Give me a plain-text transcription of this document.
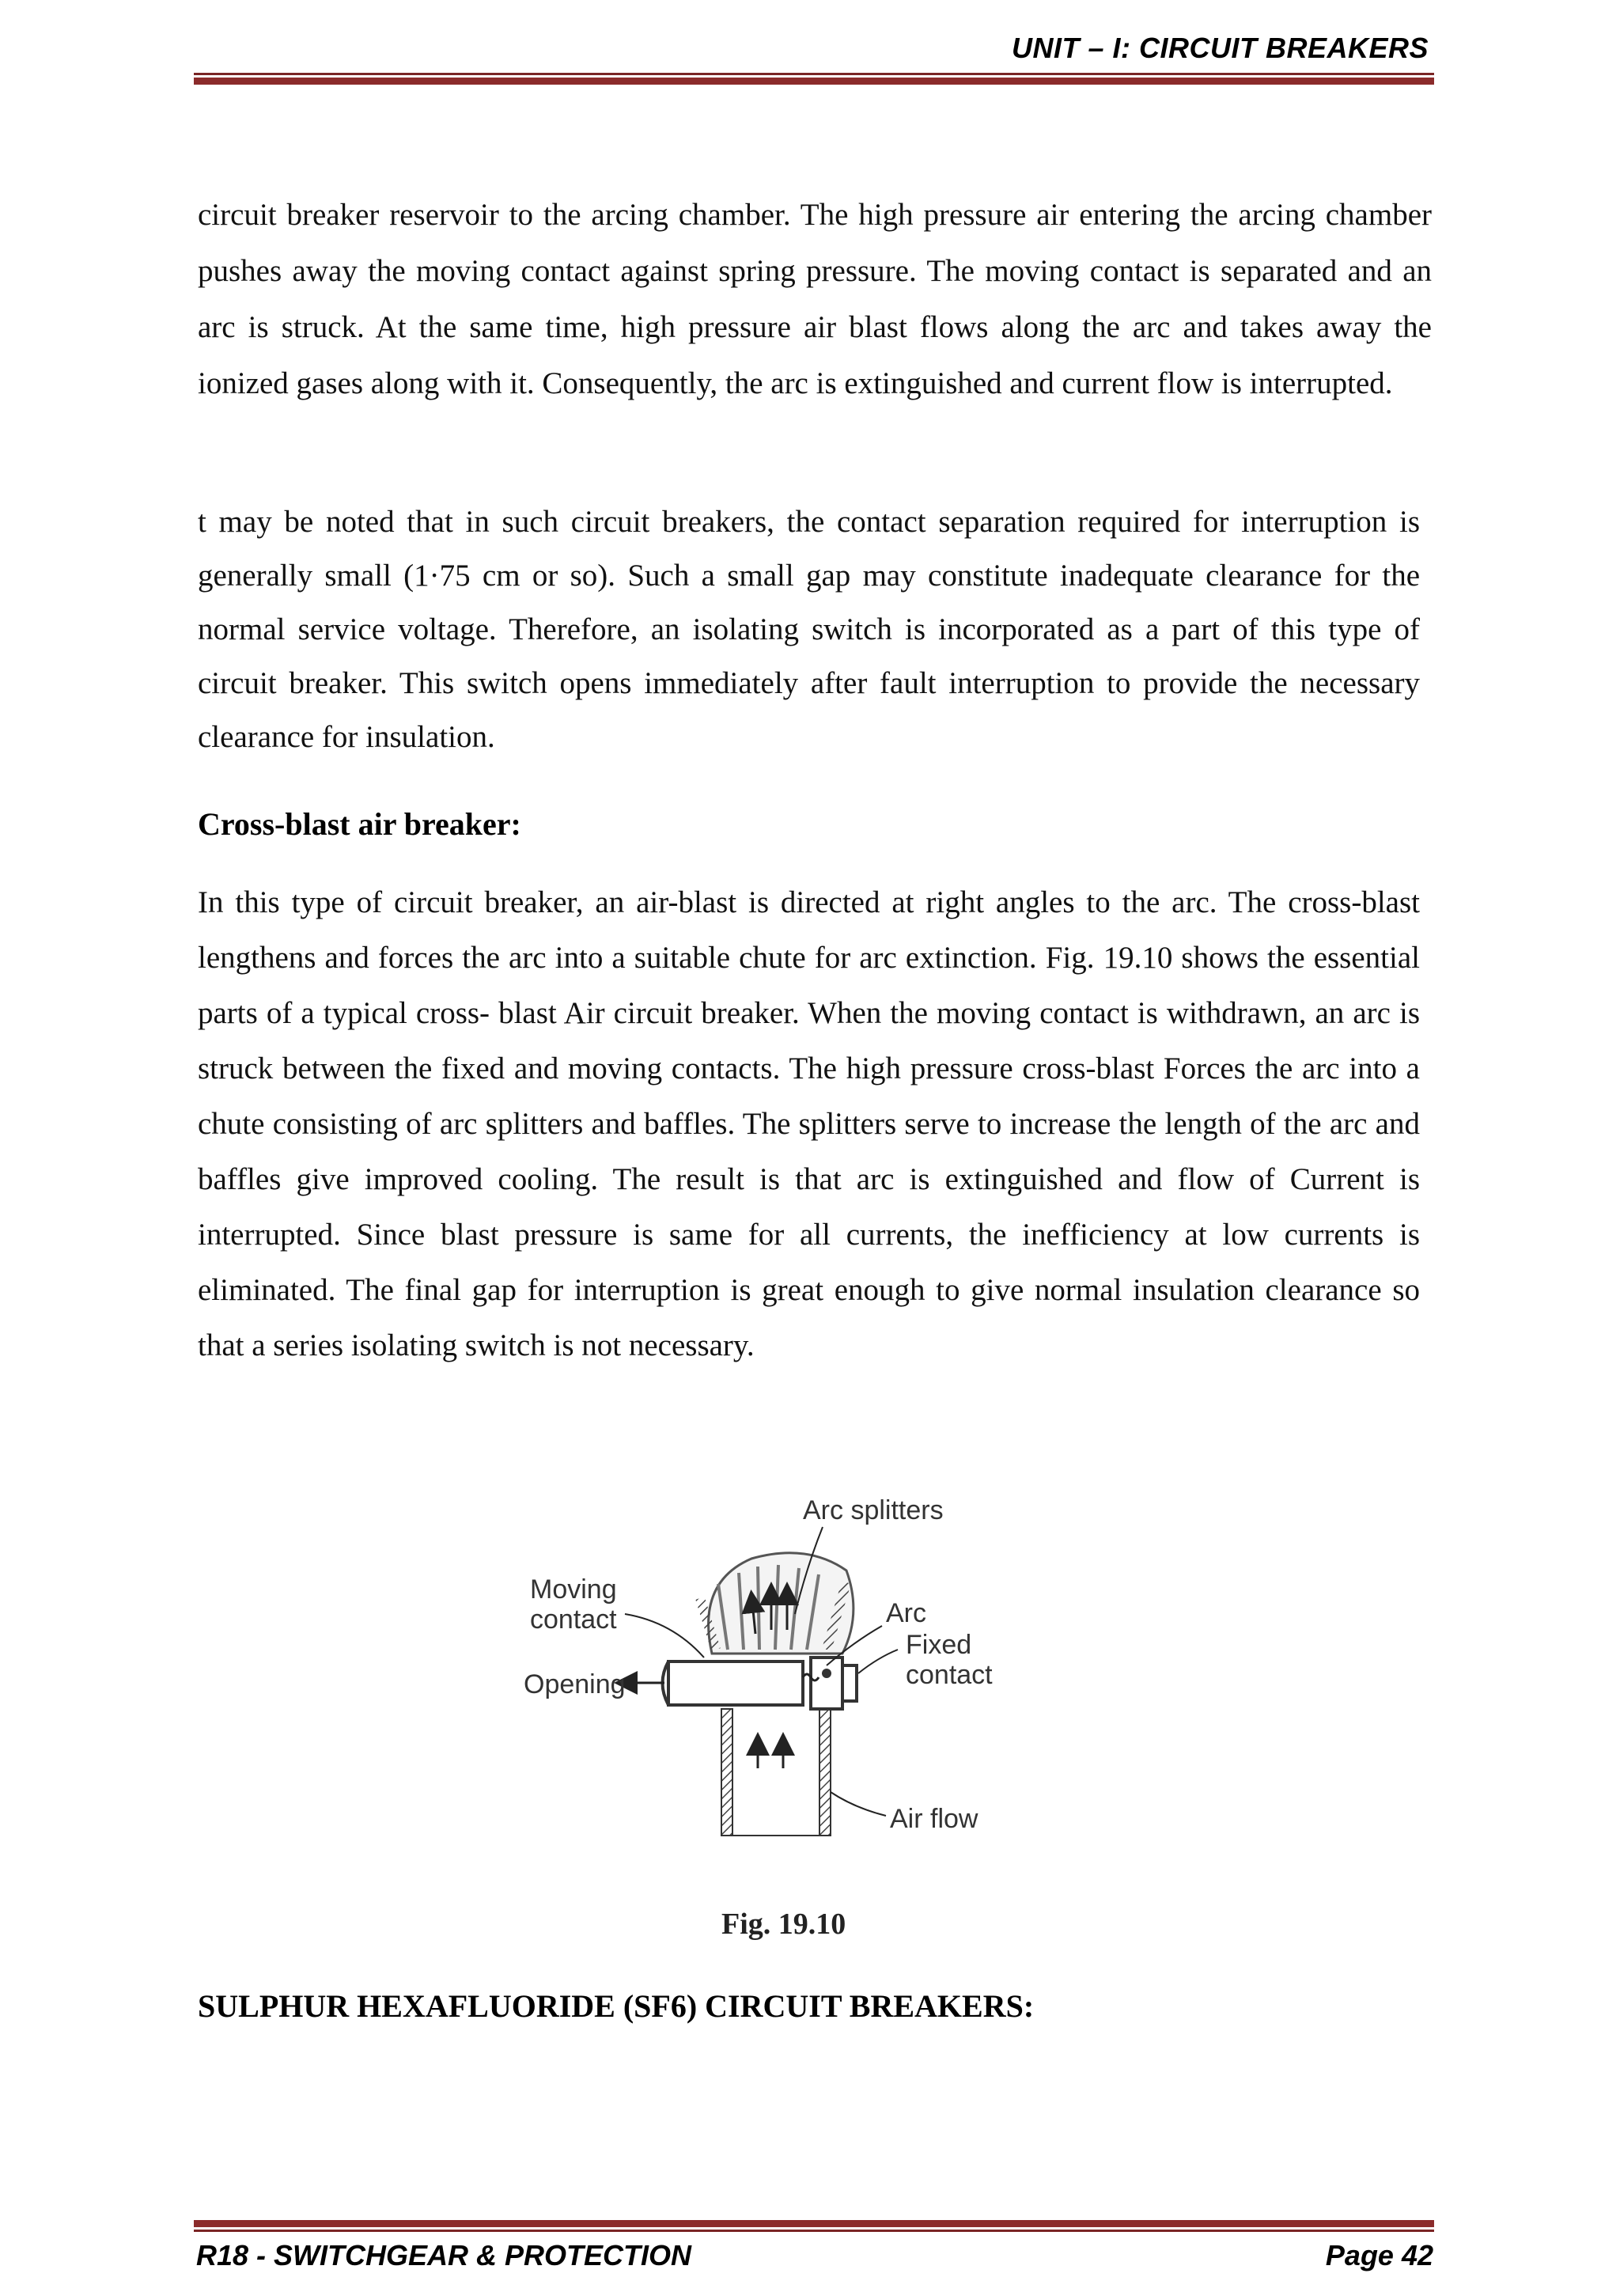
UNIT – I: CIRCUIT BREAKERS
circuit breaker reservoir to the arcing chamber. The high pressure air entering the arcing chamber pushes away the moving contact against spring pressure. The moving contact is separated and an arc is struck. At the same time, high pressure air blast flows along the arc and takes away the ionized gases along with it. Consequently, the arc is extinguished and current flow is interrupted.
t may be noted that in such circuit breakers, the contact separation required for interruption is generally small (1·75 cm or so). Such a small gap may constitute inadequate clearance for the normal service voltage. Therefore, an isolating switch is incorporated as a part of this type of circuit breaker. This switch opens immediately after fault interruption to provide the necessary clearance for insulation.
Cross-blast air breaker:
In this type of circuit breaker, an air-blast is directed at right angles to the arc. The cross-blast lengthens and forces the arc into a suitable chute for arc extinction. Fig. 19.10 shows the essential parts of a typical cross- blast Air circuit breaker. When the moving contact is withdrawn, an arc is struck between the fixed and moving contacts. The high pressure cross-blast Forces the arc into a chute consisting of arc splitters and baffles. The splitters serve to increase the length of the arc and baffles give improved cooling. The result is that arc is extinguished and flow of Current is interrupted. Since blast pressure is same for all currents, the inefficiency at low currents is eliminated. The final gap for interruption is great enough to give normal insulation clearance so that a series isolating switch is not necessary.
Arc splitters
Moving
contact	Arc
Fixed
contact
Opening
Air flow
Fig. 19.10
SULPHUR HEXAFLUORIDE (SF6) CIRCUIT BREAKERS:
R18 - SWITCHGEAR & PROTECTION	Page 42
